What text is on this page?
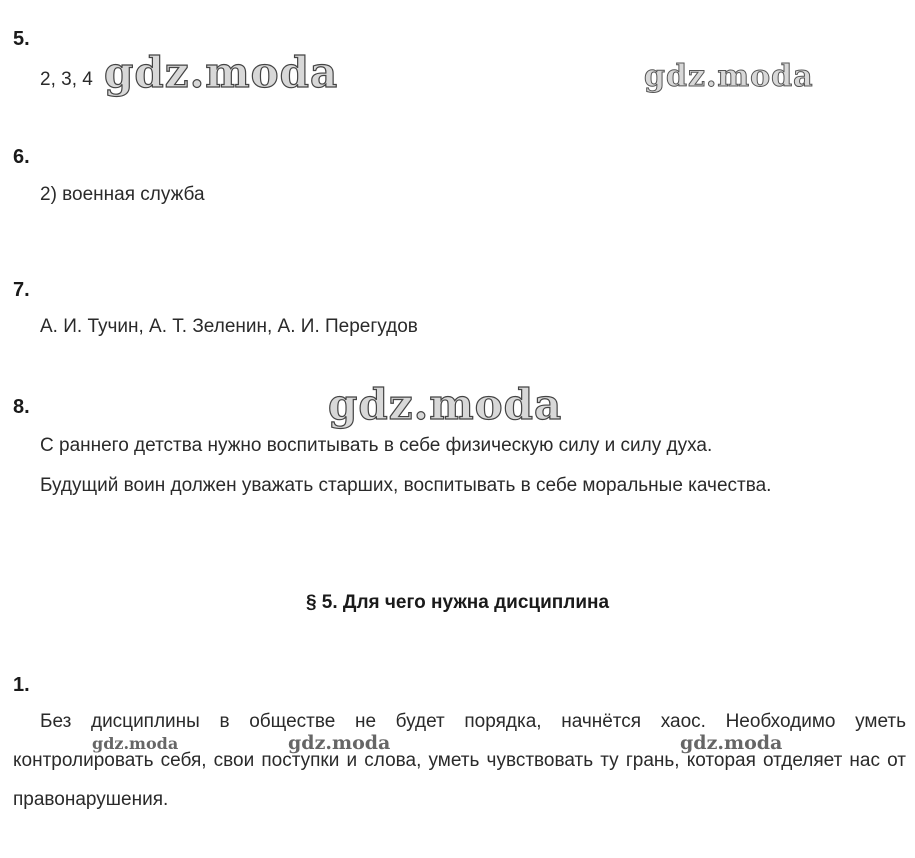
5.
2, 3, 4
6.
2) военная служба
7.
А. И. Тучин, А. Т. Зеленин, А. И. Перегудов
8.

С раннего детства нужно воспитывать в себе физическую силу и силу духа.

Будущий воин должен уважать старших, воспитывать в себе моральные качества.

§ 5. Для чего нужна дисциплина
1.

Без дисциплины в обществе не будет порядка, начнётся хаос. Необходимо уметь контролировать себя, свои поступки и слова, уметь чувствовать ту грань, которая отделяет нас от правонарушения.

gdz.moda	gdz.moda
gdz.moda
gdz.moda	gdz.moda	gdz.moda
